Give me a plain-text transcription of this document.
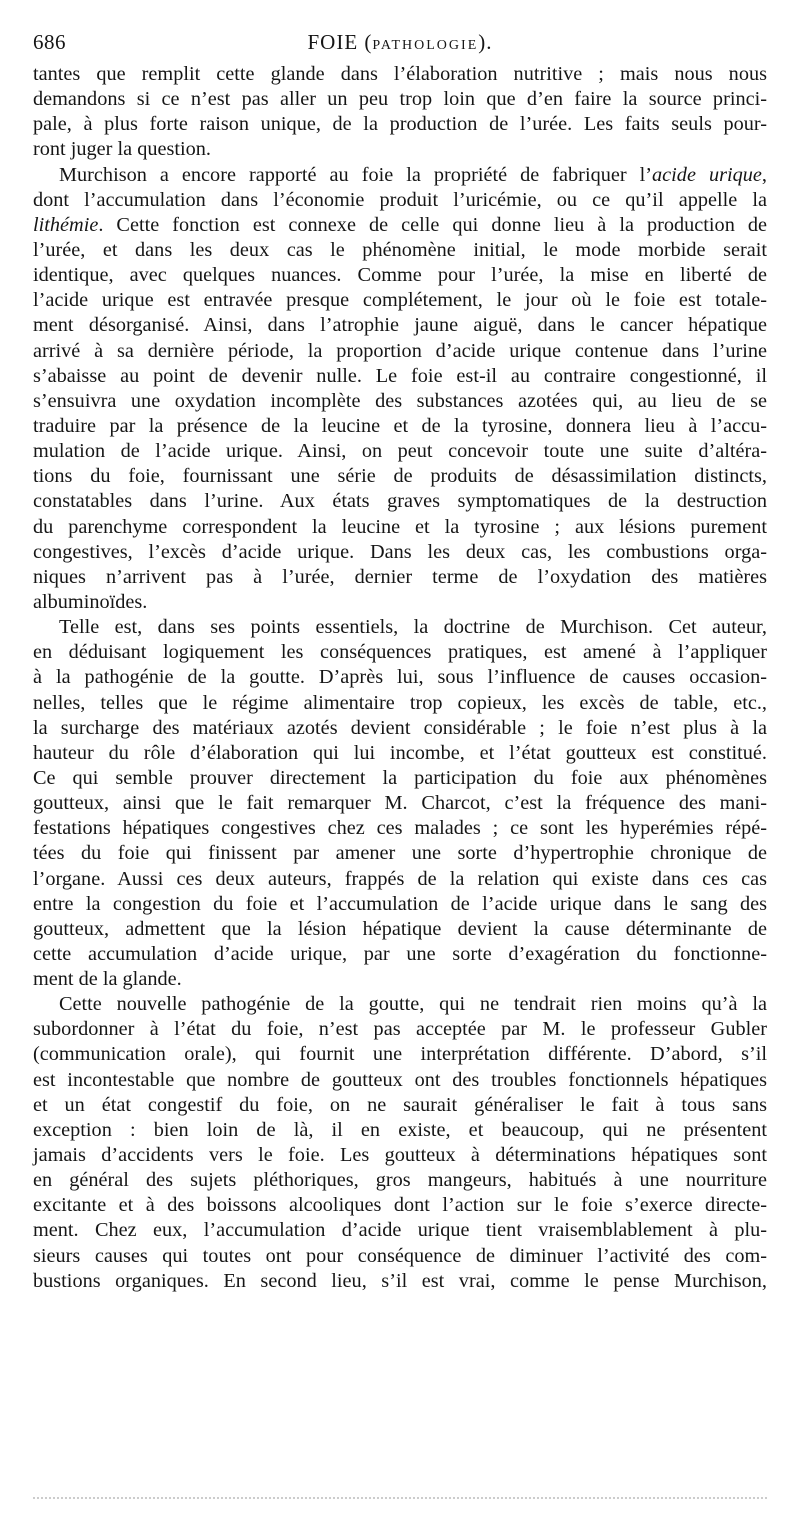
686	FOIE (PATHOLOGIE).
tantes que remplit cette glande dans l’élaboration nutritive ; mais nous nous
demandons si ce n’est pas aller un peu trop loin que d’en faire la source princi-
pale, à plus forte raison unique, de la production de l’urée. Les faits seuls pour-
ront juger la question.
Murchison a encore rapporté au foie la propriété de fabriquer l’acide urique,
dont l’accumulation dans l’économie produit l’uricémie, ou ce qu’il appelle la
lithémie. Cette fonction est connexe de celle qui donne lieu à la production de
l’urée, et dans les deux cas le phénomène initial, le mode morbide serait
identique, avec quelques nuances. Comme pour l’urée, la mise en liberté de
l’acide urique est entravée presque complétement, le jour où le foie est totale-
ment désorganisé. Ainsi, dans l’atrophie jaune aiguë, dans le cancer hépatique
arrivé à sa dernière période, la proportion d’acide urique contenue dans l’urine
s’abaisse au point de devenir nulle. Le foie est-il au contraire congestionné, il
s’ensuivra une oxydation incomplète des substances azotées qui, au lieu de se
traduire par la présence de la leucine et de la tyrosine, donnera lieu à l’accu-
mulation de l’acide urique. Ainsi, on peut concevoir toute une suite d’altéra-
tions du foie, fournissant une série de produits de désassimilation distincts,
constatables dans l’urine. Aux états graves symptomatiques de la destruction
du parenchyme correspondent la leucine et la tyrosine ; aux lésions purement
congestives, l’excès d’acide urique. Dans les deux cas, les combustions orga-
niques n’arrivent pas à l’urée, dernier terme de l’oxydation des matières
albuminoïdes.
Telle est, dans ses points essentiels, la doctrine de Murchison. Cet auteur,
en déduisant logiquement les conséquences pratiques, est amené à l’appliquer
à la pathogénie de la goutte. D’après lui, sous l’influence de causes occasion-
nelles, telles que le régime alimentaire trop copieux, les excès de table, etc.,
la surcharge des matériaux azotés devient considérable ; le foie n’est plus à la
hauteur du rôle d’élaboration qui lui incombe, et l’état goutteux est constitué.
Ce qui semble prouver directement la participation du foie aux phénomènes
goutteux, ainsi que le fait remarquer M. Charcot, c’est la fréquence des mani-
festations hépatiques congestives chez ces malades ; ce sont les hyperémies répé-
tées du foie qui finissent par amener une sorte d’hypertrophie chronique de
l’organe. Aussi ces deux auteurs, frappés de la relation qui existe dans ces cas
entre la congestion du foie et l’accumulation de l’acide urique dans le sang des
goutteux, admettent que la lésion hépatique devient la cause déterminante de
cette accumulation d’acide urique, par une sorte d’exagération du fonctionne-
ment de la glande.
Cette nouvelle pathogénie de la goutte, qui ne tendrait rien moins qu’à la
subordonner à l’état du foie, n’est pas acceptée par M. le professeur Gubler
(communication orale), qui fournit une interprétation différente. D’abord, s’il
est incontestable que nombre de goutteux ont des troubles fonctionnels hépatiques
et un état congestif du foie, on ne saurait généraliser le fait à tous sans
exception : bien loin de là, il en existe, et beaucoup, qui ne présentent
jamais d’accidents vers le foie. Les goutteux à déterminations hépatiques sont
en général des sujets pléthoriques, gros mangeurs, habitués à une nourriture
excitante et à des boissons alcooliques dont l’action sur le foie s’exerce directe-
ment. Chez eux, l’accumulation d’acide urique tient vraisemblablement à plu-
sieurs causes qui toutes ont pour conséquence de diminuer l’activité des com-
bustions organiques. En second lieu, s’il est vrai, comme le pense Murchison,
